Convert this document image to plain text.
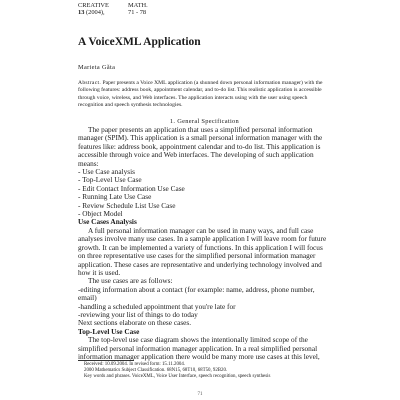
CREATIVE
13 (2004),
MATH.
71 - 78
A VoiceXML Application
Marieta Găta

Abstract. Paper presents a Voice XML application (a shunned down personal information manager) with the following features: address book, appointment calendar, and to-do list. This realistic application is accessible through voice, wireless, and Web interfaces. The application interacts using with the user using speech recognition and speech synthesis technologies.

1. General Specification

The paper presents an application that uses a simplified personal information manager (SPIM). This application is a small personal information manager with the features like: address book, appointment calendar and to-do list. This application is accessible through voice and Web interfaces. The developing of such application means:

- Use Case analysis
- Top-Level Use Case
- Edit Contact Information Use Case
- Running Late Use Case
- Review Schedule List Use Case
- Object Model
Use Cases Analysis

A full personal information manager can be used in many ways, and full case analyses involve many use cases. In a sample application I will leave room for future growth. It can be implemented a variety of functions. In this application I will focus on three representative use cases for the simplified personal information manager application. These cases are representative and underlying technology involved and how it is used.

The use cases are as follows:

-editing information about a contact (for example: name, address, phone number, email)

-handling a scheduled appointment that you're late for

-reviewing your list of things to do today

Next sections elaborate on these cases.

Top-Level Use Case

The top-level use case diagram shows the intentionally limited scope of the simplified personal information manager application. In a real simplified personal information manager application there would be many more use cases at this level,

Received: 10.09.2004. In revised form: 15.11.2004.
2000 Mathematics Subject Classification. 68N15, 68T10, 68T50, 92B20.
Key words and phrases. VoiceXML, Voice User Interface, speech recognition, speech synthesis
71
